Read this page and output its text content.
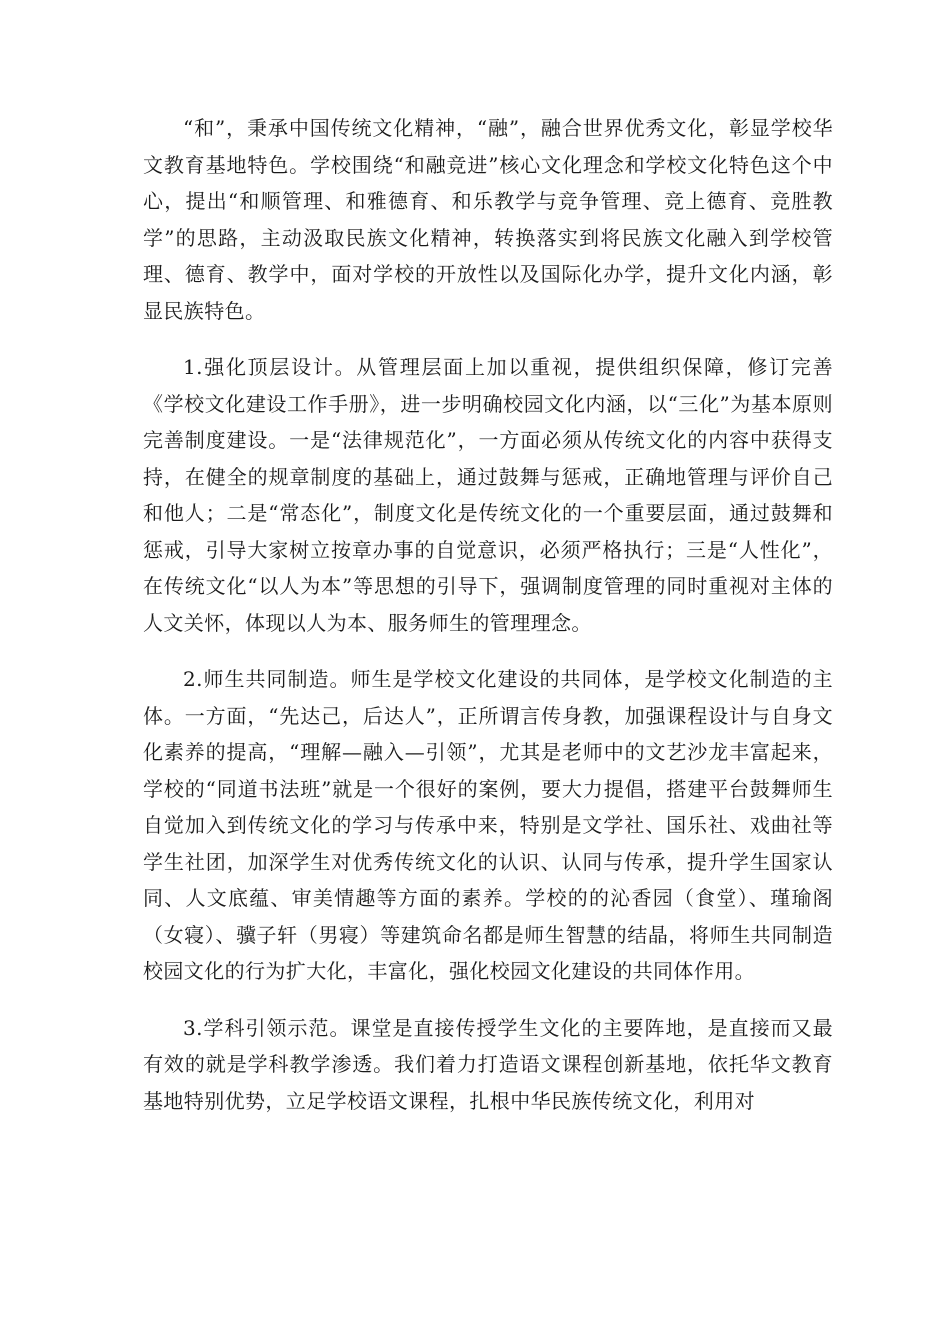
“和”，秉承中国传统文化精神，“融”，融合世界优秀文化，彰显学校华文教育基地特色。学校围绕“和融竞进”核心文化理念和学校文化特色这个中心，提出“和顺管理、和雅德育、和乐教学与竞争管理、竞上德育、竞胜教学”的思路，主动汲取民族文化精神，转换落实到将民族文化融入到学校管理、德育、教学中，面对学校的开放性以及国际化办学，提升文化内涵，彰显民族特色。

1.强化顶层设计。从管理层面上加以重视，提供组织保障，修订完善《学校文化建设工作手册》，进一步明确校园文化内涵，以“三化”为基本原则完善制度建设。一是“法律规范化”，一方面必须从传统文化的内容中获得支持，在健全的规章制度的基础上，通过鼓舞与惩戒，正确地管理与评价自己和他人；二是“常态化”，制度文化是传统文化的一个重要层面，通过鼓舞和惩戒，引导大家树立按章办事的自觉意识，必须严格执行；三是“人性化”，在传统文化“以人为本”等思想的引导下，强调制度管理的同时重视对主体的人文关怀，体现以人为本、服务师生的管理理念。

2.师生共同制造。师生是学校文化建设的共同体，是学校文化制造的主体。一方面，“先达己，后达人”，正所谓言传身教，加强课程设计与自身文化素养的提高，“理解—融入—引领”，尤其是老师中的文艺沙龙丰富起来，学校的“同道书法班”就是一个很好的案例，要大力提倡，搭建平台鼓舞师生自觉加入到传统文化的学习与传承中来，特别是文学社、国乐社、戏曲社等学生社团，加深学生对优秀传统文化的认识、认同与传承，提升学生国家认同、人文底蕴、审美情趣等方面的素养。学校的的沁香园（食堂）、瑾瑜阁（女寝）、骥子轩（男寝）等建筑命名都是师生智慧的结晶，将师生共同制造校园文化的行为扩大化，丰富化，强化校园文化建设的共同体作用。

3.学科引领示范。课堂是直接传授学生文化的主要阵地，是直接而又最有效的就是学科教学渗透。我们着力打造语文课程创新基地，依托华文教育基地特别优势，立足学校语文课程，扎根中华民族传统文化，利用对
